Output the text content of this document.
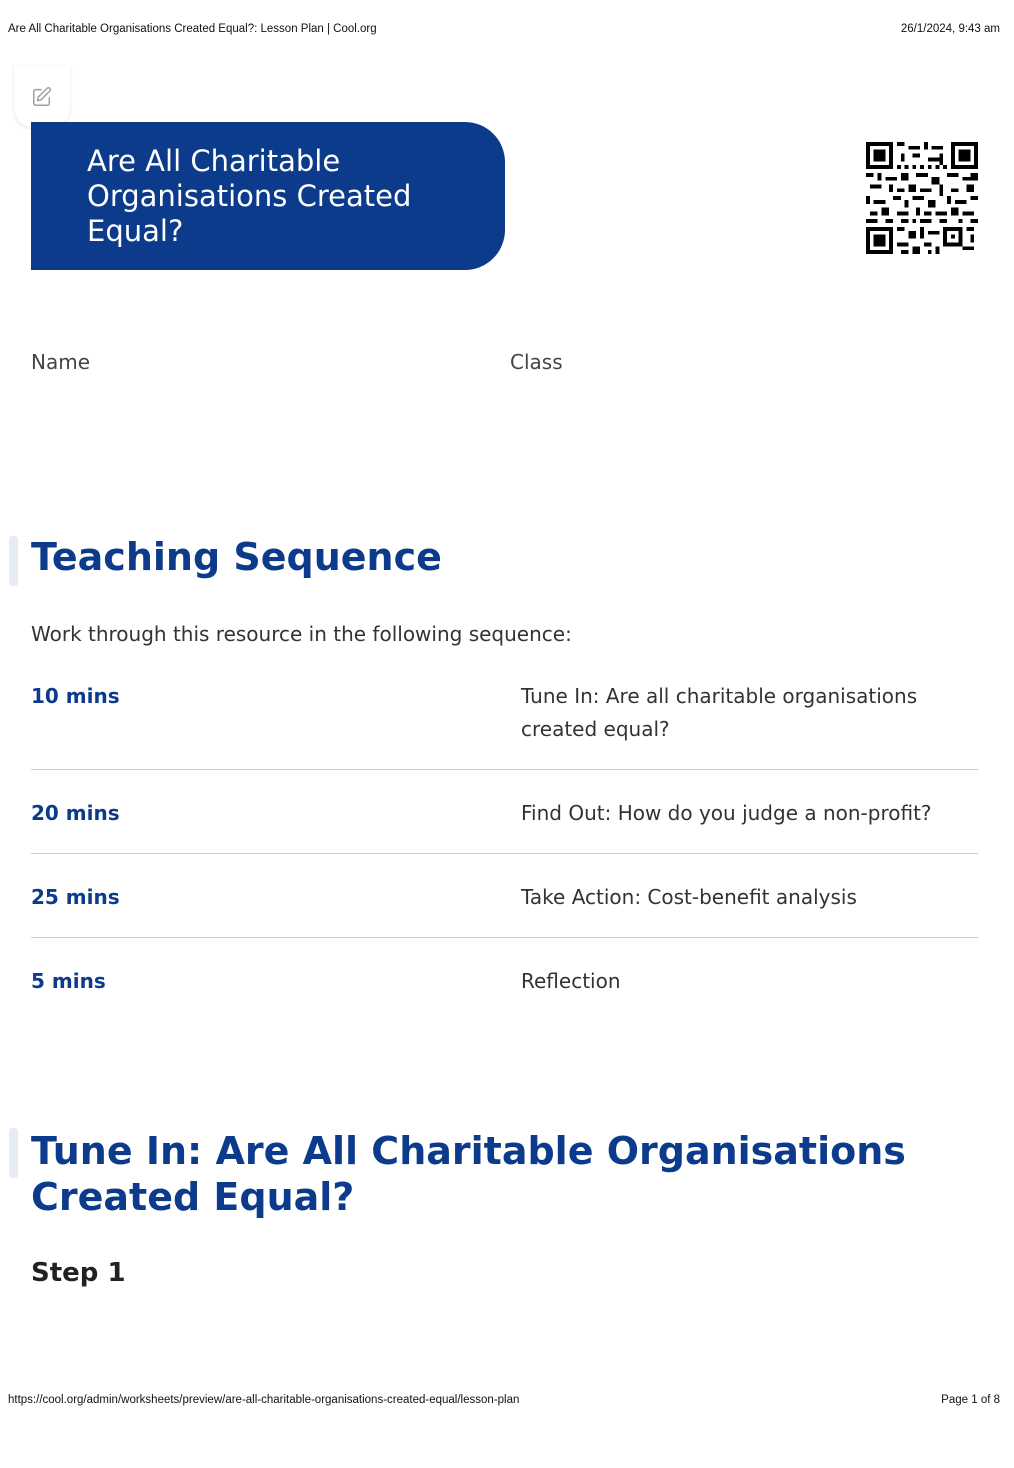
Are All Charitable Organisations Created Equal?: Lesson Plan | Cool.org	26/1/2024, 9:43 am
Are All Charitable Organisations Created Equal?

Name	Class

Teaching Sequence

Work through this resource in the following sequence:

10 mins	Tune In: Are all charitable organisations created equal?
20 mins	Find Out: How do you judge a non-profit?
25 mins	Take Action: Cost-benefit analysis
5 mins	Reflection
Tune In: Are All Charitable Organisations Created Equal?
Step 1
https://cool.org/admin/worksheets/preview/are-all-charitable-organisations-created-equal/lesson-plan	Page 1 of 8
